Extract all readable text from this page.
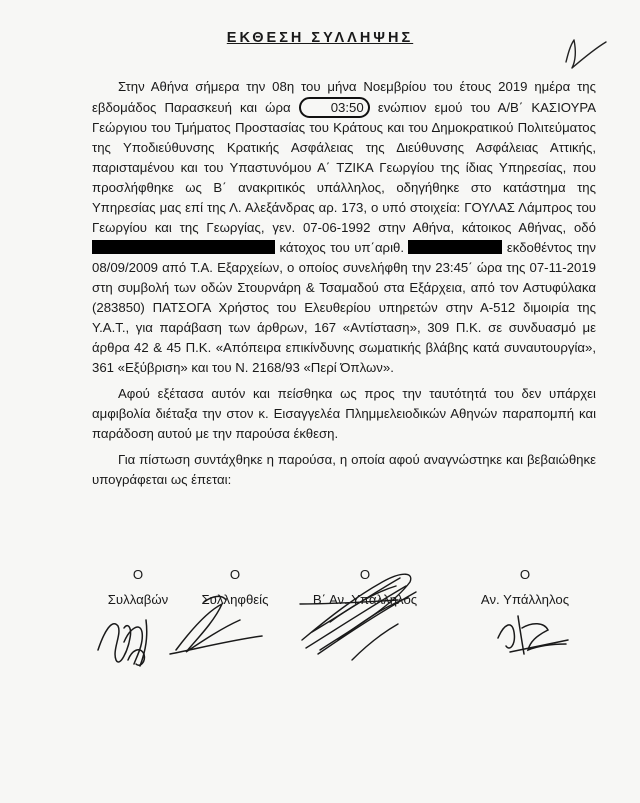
ΕΚΘΕΣΗ ΣΥΛΛΗΨΗΣ

Στην Αθήνα σήμερα την 08η του μήνα Νοεμβρίου του έτους 2019 ημέρα της εβδομάδος Παρασκευή και ώρα 03:50 ενώπιον εμού του Α/Β΄ ΚΑΣΙΟΥΡΑ Γεώργιου του Τμήματος Προστασίας του Κράτους και του Δημοκρατικού Πολιτεύματος της Υποδιεύθυνσης Κρατικής Ασφάλειας της Διεύθυνσης Ασφάλειας Αττικής, παρισταμένου και του Υπαστυνόμου Α΄ ΤΖΙΚΑ Γεωργίου της ίδιας Υπηρεσίας, που προσλήφθηκε ως Β΄ ανακριτικός υπάλληλος, οδηγήθηκε στο κατάστημα της Υπηρεσίας μας επί της Λ. Αλεξάνδρας αρ. 173, ο υπό στοιχεία: ΓΟΥΛΑΣ Λάμπρος του Γεωργίου και της Γεωργίας, γεν. 07-06-1992 στην Αθήνα, κάτοικος Αθήνας, οδό  κάτοχος του υπ΄αριθ.	εκδοθέντος την 08/09/2009 από Τ.Α. Εξαρχείων, ο οποίος συνελήφθη την 23:45΄ ώρα της 07-11-2019 στη συμβολή των οδών Στουρνάρη & Τσαμαδού στα Εξάρχεια, από τον Αστυφύλακα (283850) ΠΑΤΣΟΓΑ Χρήστος του Ελευθερίου υπηρετών στην Α-512 διμοιρία της Υ.Α.Τ., για παράβαση των άρθρων, 167 «Αντίσταση», 309 Π.Κ. σε συνδυασμό με άρθρα 42 & 45 Π.Κ. «Απόπειρα επικίνδυνης σωματικής βλάβης κατά συναυτουργία», 361 «Εξύβριση» και του Ν. 2168/93 «Περί Όπλων».

Αφού εξέτασα αυτόν και πείσθηκα ως προς την ταυτότητά του δεν υπάρχει αμφιβολία διέταξα την στον κ. Εισαγγελέα Πλημμελειοδικών Αθηνών παραπομπή και παράδοση αυτού με την παρούσα έκθεση.

Για πίστωση συντάχθηκε η παρούσα, η οποία αφού αναγνώστηκε και βεβαιώθηκε υπογράφεται ως έπεται:

Ο
Συλλαβών
Ο
Συλληφθείς
Ο
Β΄ Αν. Υπάλληλος
Ο
Αν. Υπάλληλος
